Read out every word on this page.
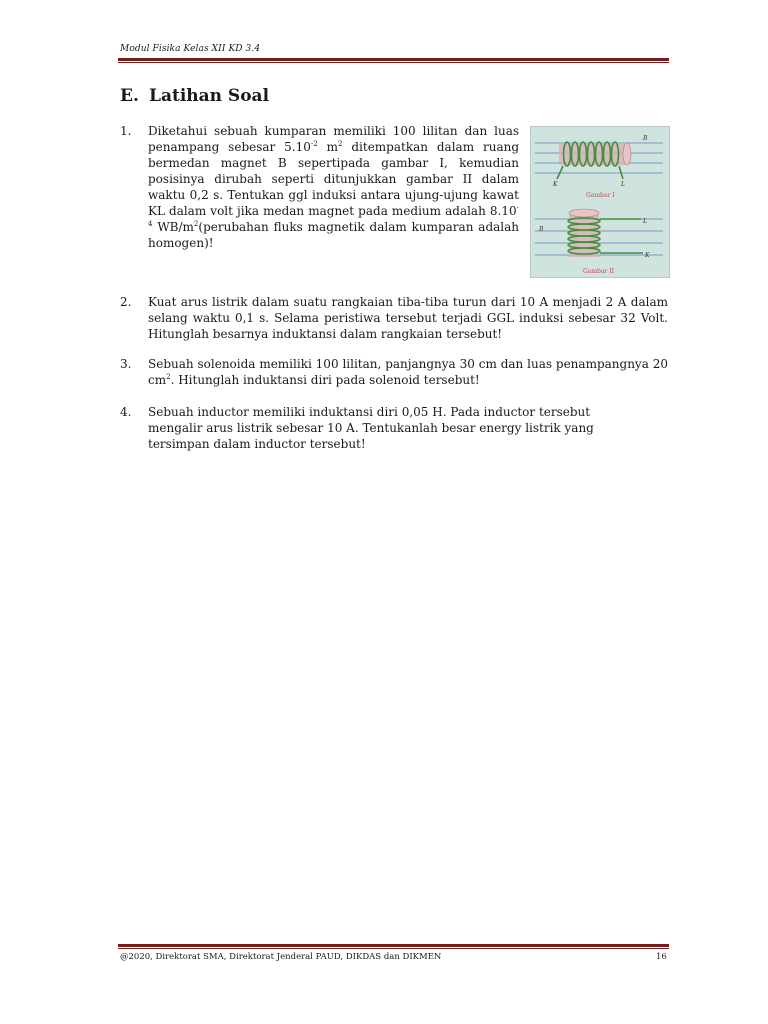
Modul Fisika Kelas XII KD 3.4
E. Latihan Soal
1. Diketahui sebuah kumparan memiliki 100 lilitan dan luas penampang sebesar $5.10^{-2}$ $m^2$ ditempatkan dalam ruang bermedan magnet B sepertipada gambar I, kemudian posisinya dirubah seperti ditunjukkan gambar II dalam waktu 0,2 s. Tentukan ggl induksi antara ujung-ujung kawat KL dalam volt jika medan magnet pada medium adalah $8.10^{-4}$ $WB/m^2(perubahan$ fluks magnetik dalam kumparan adalah homogen)!
B
K	L
Gambar I
L
B
K
Gambar II
2. Kuat arus listrik dalam suatu rangkaian tiba-tiba turun dari 10 A menjadi 2 A dalam selang waktu 0,1 s. Selama peristiwa tersebut terjadi GGL induksi sebesar 32 Volt. Hitunglah besarnya induktansi dalam rangkaian tersebut!
3. Sebuah solenoida memiliki 100 lilitan, panjangnya 30 cm dan luas penampangnya 20 $cm^2$. Hitunglah induktansi diri pada solenoid tersebut!
4. Sebuah inductor memiliki induktansi diri 0,05 H. Pada inductor tersebut mengalir arus listrik sebesar 10 A. Tentukanlah besar energy listrik yang tersimpan dalam inductor tersebut!
@2020, Direktorat SMA, Direktorat Jenderal PAUD, DIKDAS dan DIKMEN	16
